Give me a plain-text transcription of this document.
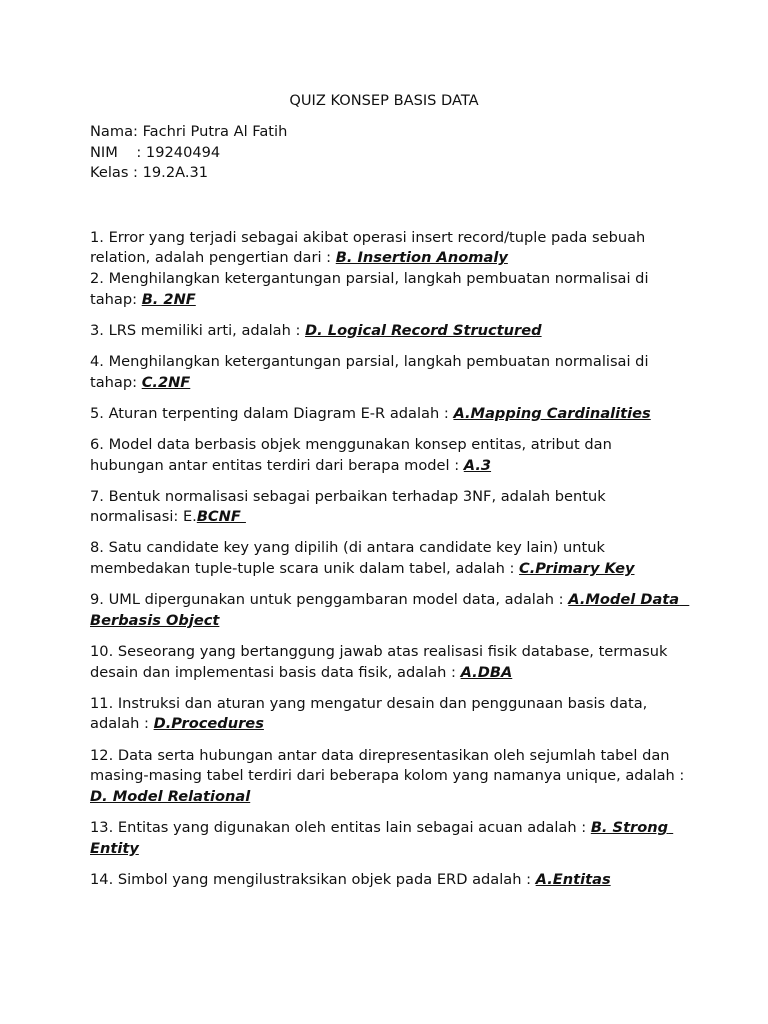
QUIZ KONSEP BASIS DATA
Nama: Fachri Putra Al Fatih
NIM    : 19240494
Kelas : 19.2A.31
1. Error yang terjadi sebagai akibat operasi insert record/tuple pada sebuah relation, adalah pengertian dari : B. Insertion Anomaly
2. Menghilangkan ketergantungan parsial, langkah pembuatan normalisai di tahap: B. 2NF
3. LRS memiliki arti, adalah : D. Logical Record Structured
4. Menghilangkan ketergantungan parsial, langkah pembuatan normalisai di tahap: C.2NF
5. Aturan terpenting dalam Diagram E-R adalah : A.Mapping Cardinalities
6. Model data berbasis objek menggunakan konsep entitas, atribut dan hubungan antar entitas terdiri dari berapa model : A.3
7. Bentuk normalisasi sebagai perbaikan terhadap 3NF, adalah bentuk normalisasi: E.BCNF
8. Satu candidate key yang dipilih (di antara candidate key lain) untuk membedakan tuple-tuple scara unik dalam tabel, adalah : C.Primary Key
9. UML dipergunakan untuk penggambaran model data, adalah : A.Model Data  Berbasis Object
10. Seseorang yang bertanggung jawab atas realisasi fisik database, termasuk desain dan implementasi basis data fisik, adalah : A.DBA
11. Instruksi dan aturan yang mengatur desain dan penggunaan basis data, adalah : D.Procedures
12. Data serta hubungan antar data direpresentasikan oleh sejumlah tabel dan masing-masing tabel terdiri dari beberapa kolom yang namanya unique, adalah : D. Model Relational
13. Entitas yang digunakan oleh entitas lain sebagai acuan adalah : B. Strong Entity
14. Simbol yang mengilustraksikan objek pada ERD adalah : A.Entitas
